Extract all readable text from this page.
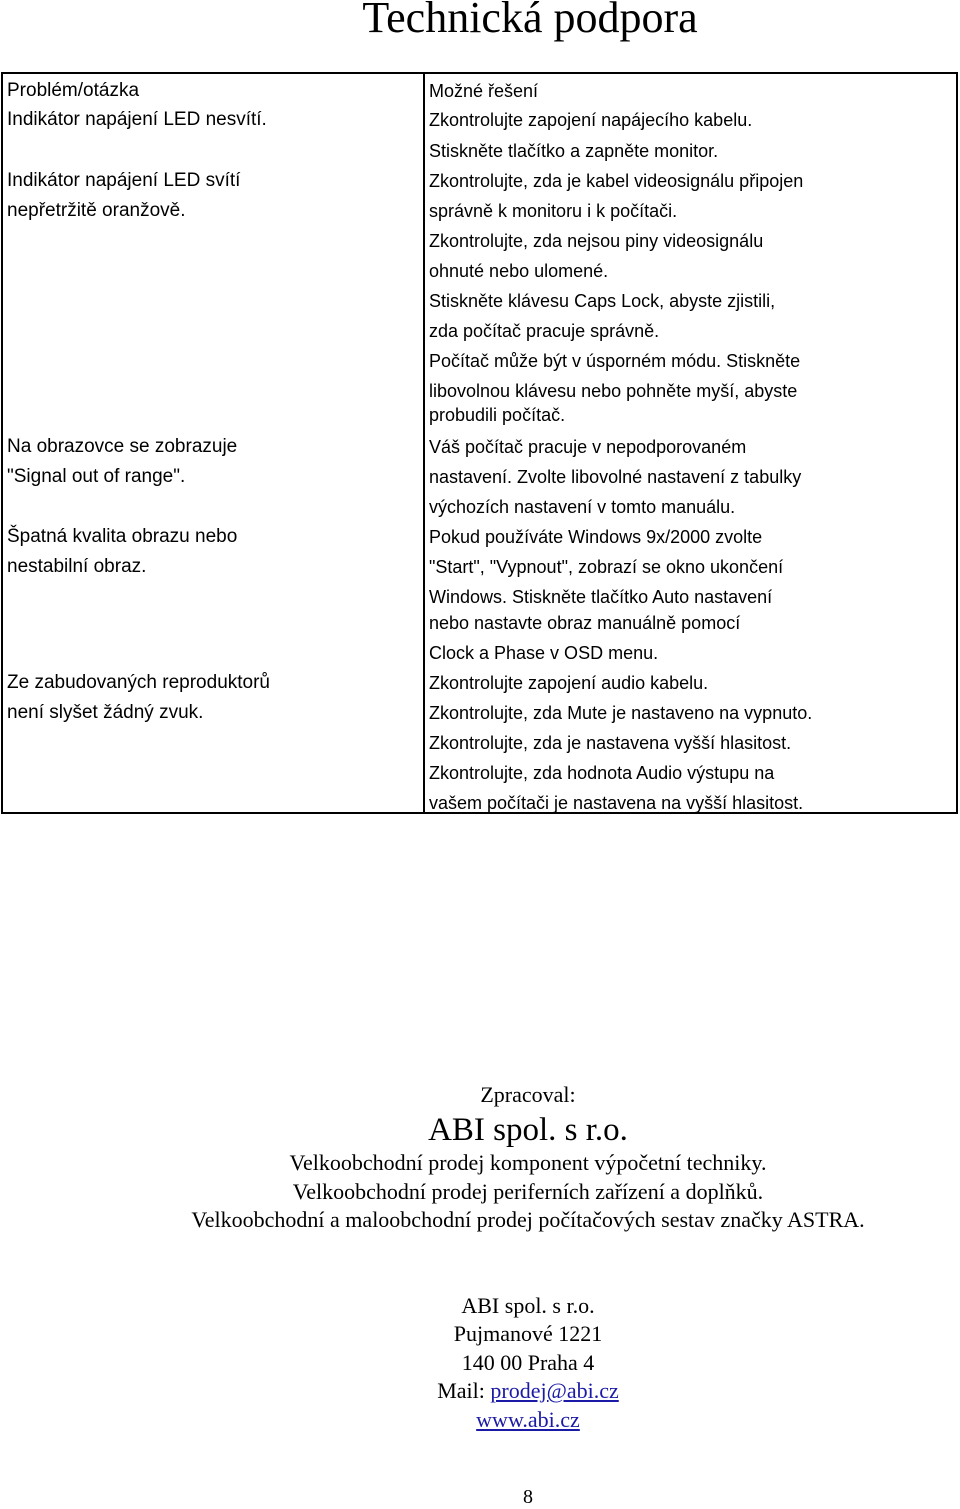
Technická podpora
Problém/otázka
Indikátor napájení LED nesvítí.
Indikátor napájení LED svítí
nepřetržitě oranžově.
Na obrazovce se zobrazuje
"Signal out of range".
Špatná kvalita obrazu nebo
nestabilní obraz.
Ze zabudovaných reproduktorů
není slyšet žádný zvuk.
Možné řešení
Zkontrolujte zapojení napájecího kabelu.
Stiskněte tlačítko a zapněte monitor.
Zkontrolujte, zda je kabel videosignálu připojen
správně k monitoru i k počítači.
Zkontrolujte, zda nejsou piny videosignálu
ohnuté nebo ulomené.
Stiskněte klávesu Caps Lock, abyste zjistili,
zda počítač pracuje správně.
Počítač může být v úsporném módu. Stiskněte
libovolnou klávesu nebo pohněte myší, abyste
probudili počítač.
Váš počítač pracuje v nepodporovaném
nastavení. Zvolte libovolné nastavení z tabulky
výchozích nastavení v tomto manuálu.
Pokud používáte Windows 9x/2000 zvolte
"Start", "Vypnout", zobrazí se okno ukončení
Windows. Stiskněte tlačítko Auto nastavení
nebo nastavte obraz manuálně pomocí
Clock a Phase v OSD menu.
Zkontrolujte zapojení audio kabelu.
Zkontrolujte, zda Mute je nastaveno na vypnuto.
Zkontrolujte, zda je nastavena vyšší hlasitost.
Zkontrolujte, zda hodnota Audio výstupu na
vašem počítači je nastavena na vyšší hlasitost.
Zpracoval:
ABI spol. s r.o.
Velkoobchodní prodej komponent výpočetní techniky.
Velkoobchodní prodej periferních zařízení a doplňků.
Velkoobchodní a maloobchodní prodej počítačových sestav značky ASTRA.
ABI spol. s r.o.
Pujmanové 1221
140 00 Praha 4
Mail: prodej@abi.cz
www.abi.cz
8
